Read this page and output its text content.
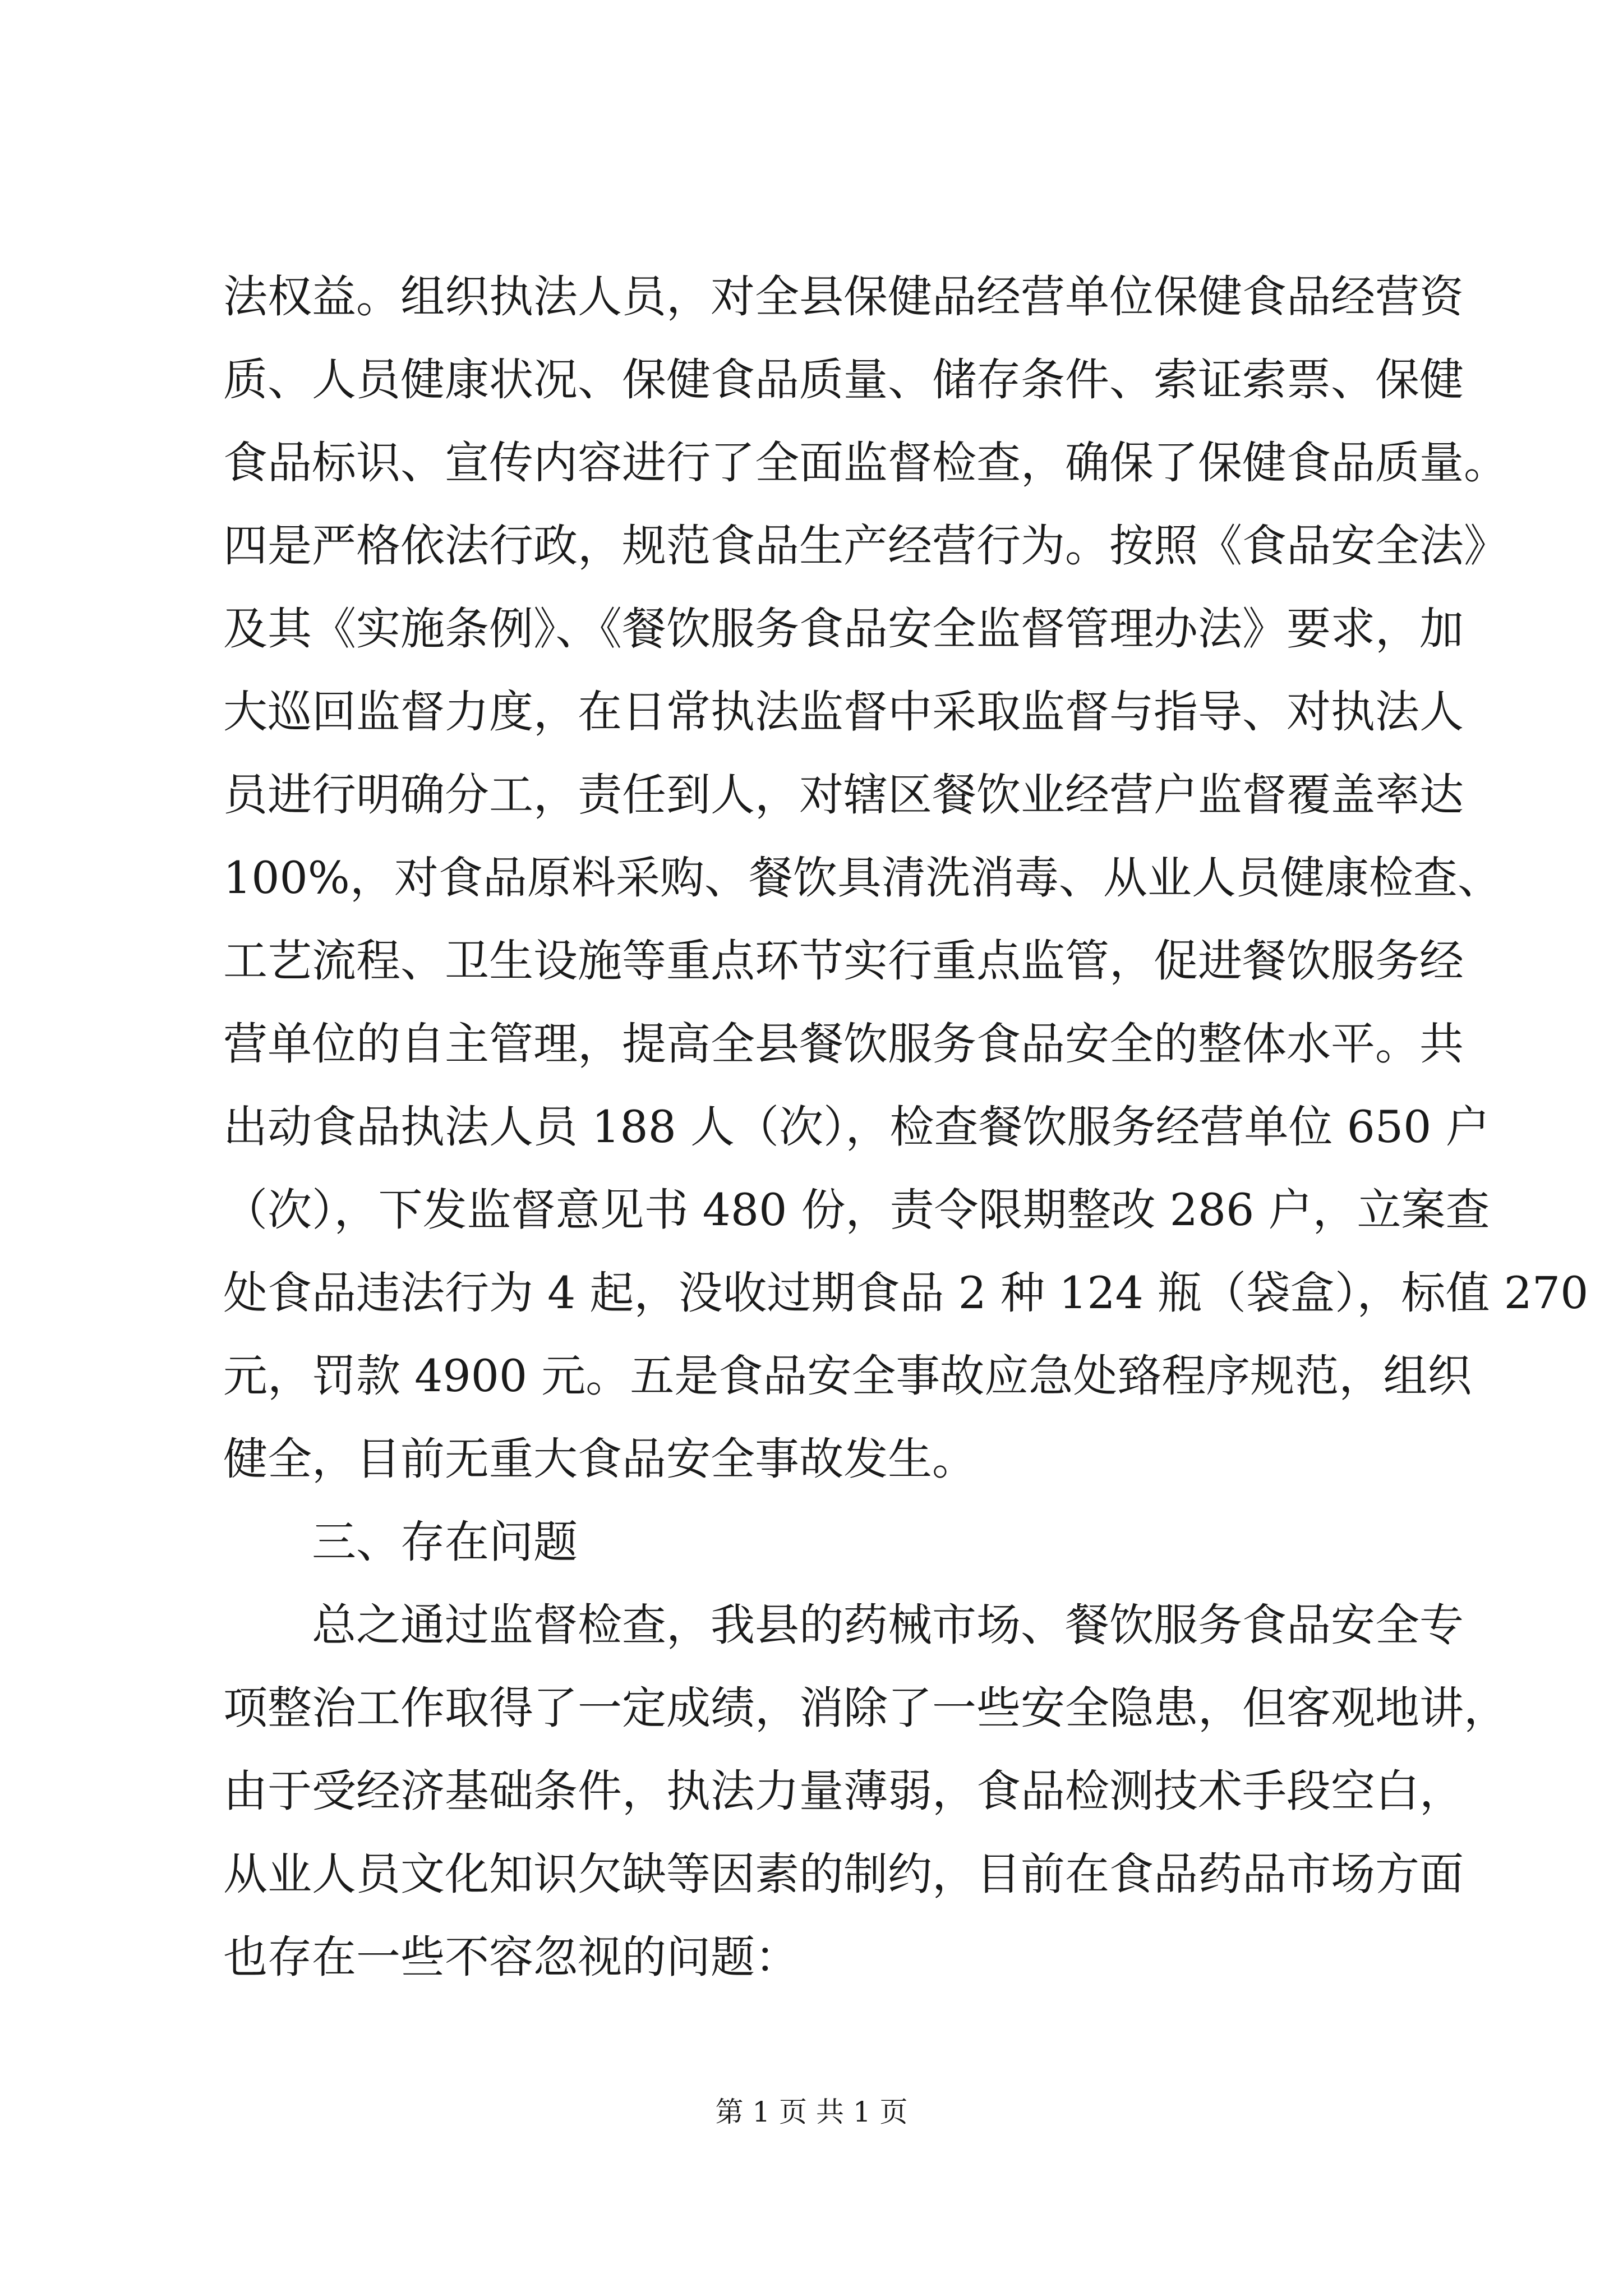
法权益。组织执法人员，对全县保健品经营单位保健食品经营资
质、人员健康状况、保健食品质量、储存条件、索证索票、保健
食品标识、宣传内容进行了全面监督检查，确保了保健食品质量。
四是严格依法行政，规范食品生产经营行为。按照《食品安全法》
及其《实施条例》、《餐饮服务食品安全监督管理办法》要求，加
大巡回监督力度，在日常执法监督中采取监督与指导、对执法人
员进行明确分工，责任到人，对辖区餐饮业经营户监督覆盖率达
100%，对食品原料采购、餐饮具清洗消毒、从业人员健康检查、
工艺流程、卫生设施等重点环节实行重点监管，促进餐饮服务经
营单位的自主管理，提高全县餐饮服务食品安全的整体水平。共
出动食品执法人员 188 人（次），检查餐饮服务经营单位 650 户
（次），下发监督意见书 480 份，责令限期整改 286 户，立案查
处食品违法行为 4 起，没收过期食品 2 种 124 瓶（袋盒），标值 270
元，罚款 4900 元。五是食品安全事故应急处臵程序规范，组织
健全，目前无重大食品安全事故发生。
三、存在问题
总之通过监督检查，我县的药械市场、餐饮服务食品安全专
项整治工作取得了一定成绩，消除了一些安全隐患，但客观地讲，
由于受经济基础条件，执法力量薄弱，食品检测技术手段空白，
从业人员文化知识欠缺等因素的制约，目前在食品药品市场方面
也存在一些不容忽视的问题：
第 1 页 共 1 页
